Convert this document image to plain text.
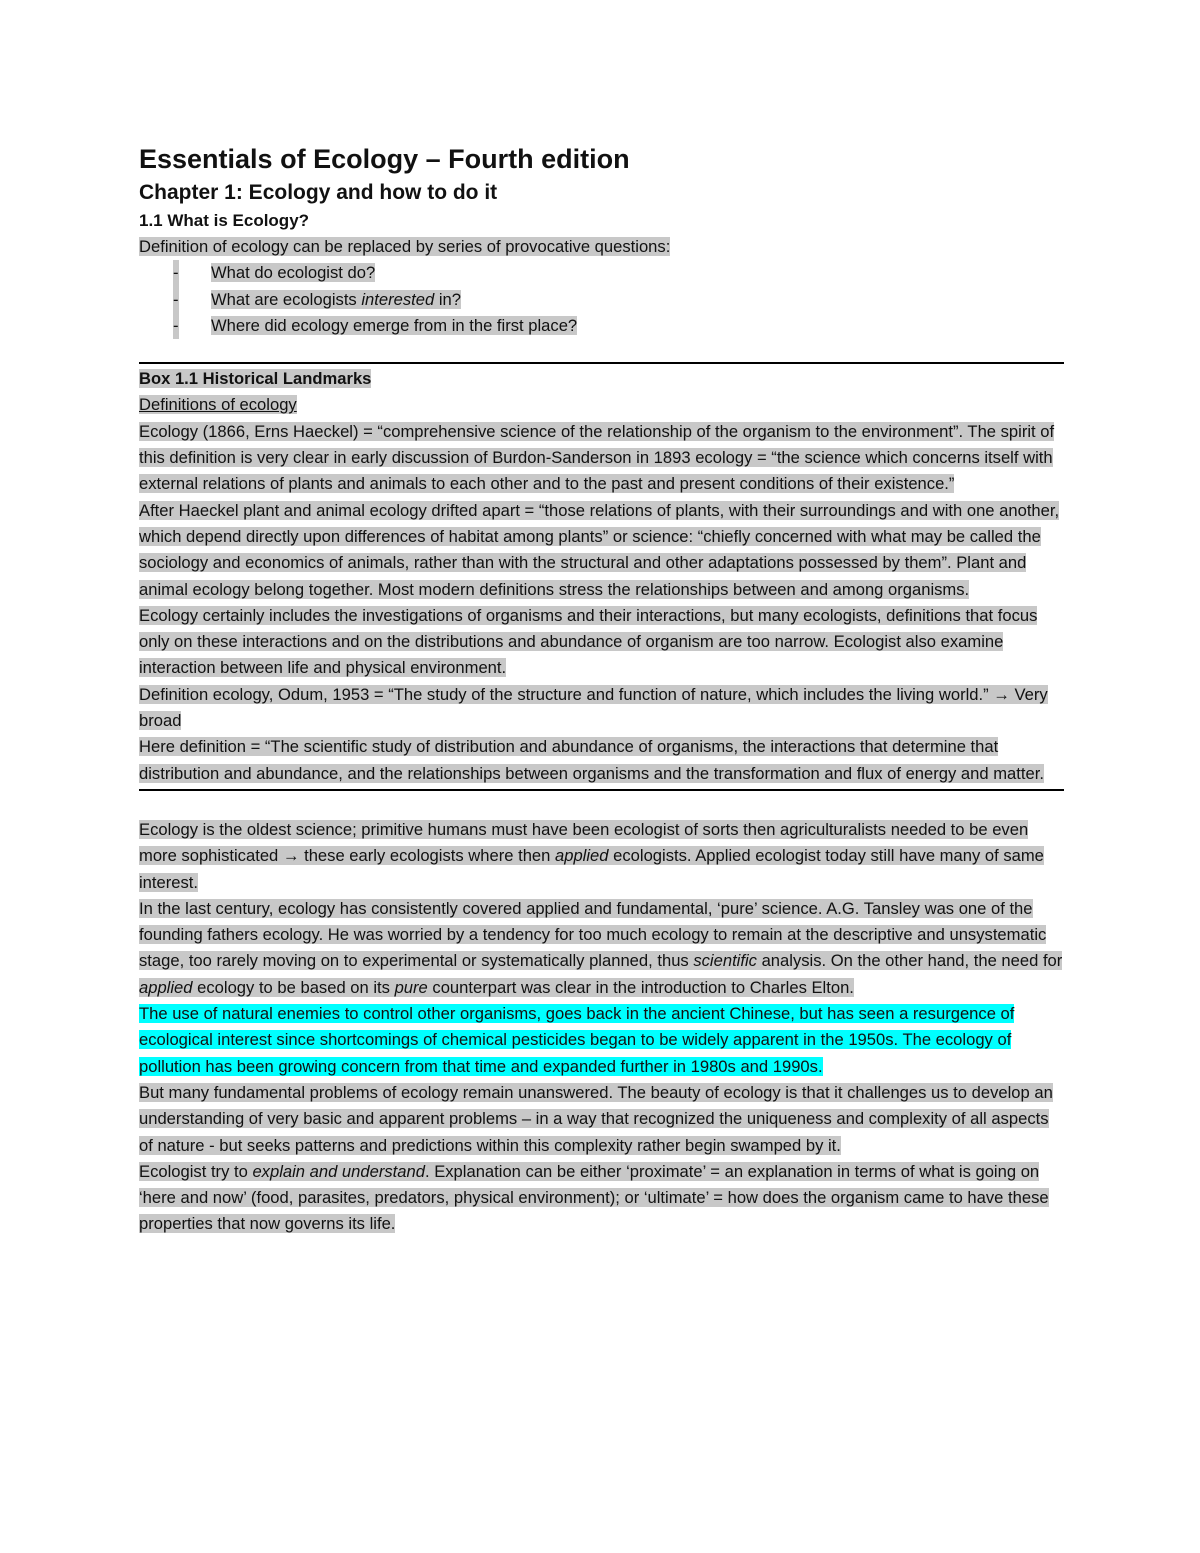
Essentials of Ecology – Fourth edition
Chapter 1: Ecology and how to do it
1.1 What is Ecology?

Definition of ecology can be replaced by series of provocative questions:

- What do ecologist do?
- What are ecologists interested in?
- Where did ecology emerge from in the first place?

Box 1.1 Historical Landmarks

Definitions of ecology

Ecology (1866, Erns Haeckel) = “comprehensive science of the relationship of the organism to the environment”. The spirit of this definition is very clear in early discussion of Burdon-Sanderson in 1893 ecology = “the science which concerns itself with external relations of plants and animals to each other and to the past and present conditions of their existence.”

After Haeckel plant and animal ecology drifted apart = “those relations of plants, with their surroundings and with one another, which depend directly upon differences of habitat among plants” or science: “chiefly concerned with what may be called the sociology and economics of animals, rather than with the structural and other adaptations possessed by them”. Plant and animal ecology belong together. Most modern definitions stress the relationships between and among organisms.

Ecology certainly includes the investigations of organisms and their interactions, but many ecologists, definitions that focus only on these interactions and on the distributions and abundance of organism are too narrow. Ecologist also examine interaction between life and physical environment.

Definition ecology, Odum, 1953 = “The study of the structure and function of nature, which includes the living world.” → Very broad

Here definition = “The scientific study of distribution and abundance of organisms, the interactions that determine that distribution and abundance, and the relationships between organisms and the transformation and flux of energy and matter.

Ecology is the oldest science; primitive humans must have been ecologist of sorts then agriculturalists needed to be even more sophisticated → these early ecologists where then applied ecologists. Applied ecologist today still have many of same interest.

In the last century, ecology has consistently covered applied and fundamental, ‘pure’ science. A.G. Tansley was one of the founding fathers ecology. He was worried by a tendency for too much ecology to remain at the descriptive and unsystematic stage, too rarely moving on to experimental or systematically planned, thus scientific analysis. On the other hand, the need for applied ecology to be based on its pure counterpart was clear in the introduction to Charles Elton.

The use of natural enemies to control other organisms, goes back in the ancient Chinese, but has seen a resurgence of ecological interest since shortcomings of chemical pesticides began to be widely apparent in the 1950s. The ecology of pollution has been growing concern from that time and expanded further in 1980s and 1990s.

But many fundamental problems of ecology remain unanswered. The beauty of ecology is that it challenges us to develop an understanding of very basic and apparent problems – in a way that recognized the uniqueness and complexity of all aspects of nature - but seeks patterns and predictions within this complexity rather begin swamped by it.

Ecologist try to explain and understand. Explanation can be either ‘proximate’ = an explanation in terms of what is going on ‘here and now’ (food, parasites, predators, physical environment); or ‘ultimate’ = how does the organism came to have these properties that now governs its life.
